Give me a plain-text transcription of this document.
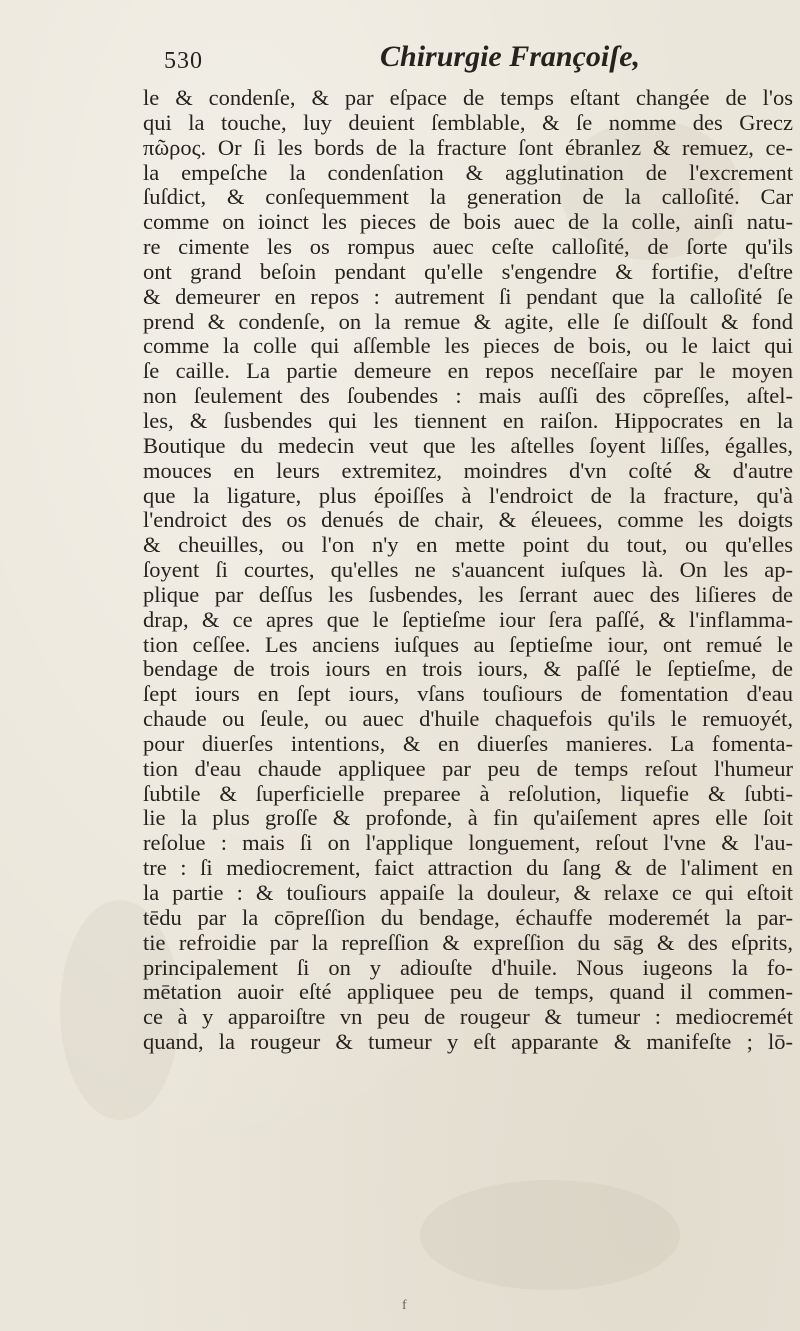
530	Chirurgie Françoiſe,
le & condenſe, & par eſpace de temps eſtant changée de l'os
qui la touche, luy deuient ſemblable, & ſe nomme des Grecz
πῶρος. Or ſi les bords de la fracture ſont ébranlez & remuez, ce-
la empeſche la condenſation & agglutination de l'excrement
ſuſdict, & conſequemment la generation de la calloſité. Car
comme on ioinct les pieces de bois auec de la colle, ainſi natu-
re cimente les os rompus auec ceſte calloſité, de ſorte qu'ils
ont grand beſoin pendant qu'elle s'engendre & fortifie, d'eſtre
& demeurer en repos : autrement ſi pendant que la calloſité ſe
prend & condenſe, on la remue & agite, elle ſe diſſoult & fond
comme la colle qui aſſemble les pieces de bois, ou le laict qui
ſe caille. La partie demeure en repos neceſſaire par le moyen
non ſeulement des ſoubendes : mais auſſi des cōpreſſes, aſtel-
les, & ſusbendes qui les tiennent en raiſon. Hippocrates en la
Boutique du medecin veut que les aſtelles ſoyent liſſes, égalles,
mouces en leurs extremitez, moindres d'vn coſté & d'autre
que la ligature, plus époiſſes à l'endroict de la fracture, qu'à
l'endroict des os denués de chair, & éleuees, comme les doigts
& cheuilles, ou l'on n'y en mette point du tout, ou qu'elles
ſoyent ſi courtes, qu'elles ne s'auancent iuſques là. On les ap-
plique par deſſus les ſusbendes, les ſerrant auec des liſieres de
drap, & ce apres que le ſeptieſme iour ſera paſſé, & l'inflamma-
tion ceſſee. Les anciens iuſques au ſeptieſme iour, ont remué le
bendage de trois iours en trois iours, & paſſé le ſeptieſme, de
ſept iours en ſept iours, vſans touſiours de fomentation d'eau
chaude ou ſeule, ou auec d'huile chaquefois qu'ils le remuoyét,
pour diuerſes intentions, & en diuerſes manieres. La fomenta-
tion d'eau chaude appliquee par peu de temps reſout l'humeur
ſubtile & ſuperficielle preparee à reſolution, liquefie & ſubti-
lie la plus groſſe & profonde, à fin qu'aiſement apres elle ſoit
reſolue : mais ſi on l'applique longuement, reſout l'vne & l'au-
tre : ſi mediocrement, faict attraction du ſang & de l'aliment en
la partie : & touſiours appaiſe la douleur, & relaxe ce qui eſtoit
tēdu par la cōpreſſion du bendage, échauffe moderemét la par-
tie refroidie par la repreſſion & expreſſion du sāg & des eſprits,
principalement ſi on y adiouſte d'huile. Nous iugeons la fo-
mētation auoir eſté appliquee peu de temps, quand il commen-
ce à y apparoiſtre vn peu de rougeur & tumeur : mediocremét
quand, la rougeur & tumeur y eſt apparante & manifeſte ; lō-
f
